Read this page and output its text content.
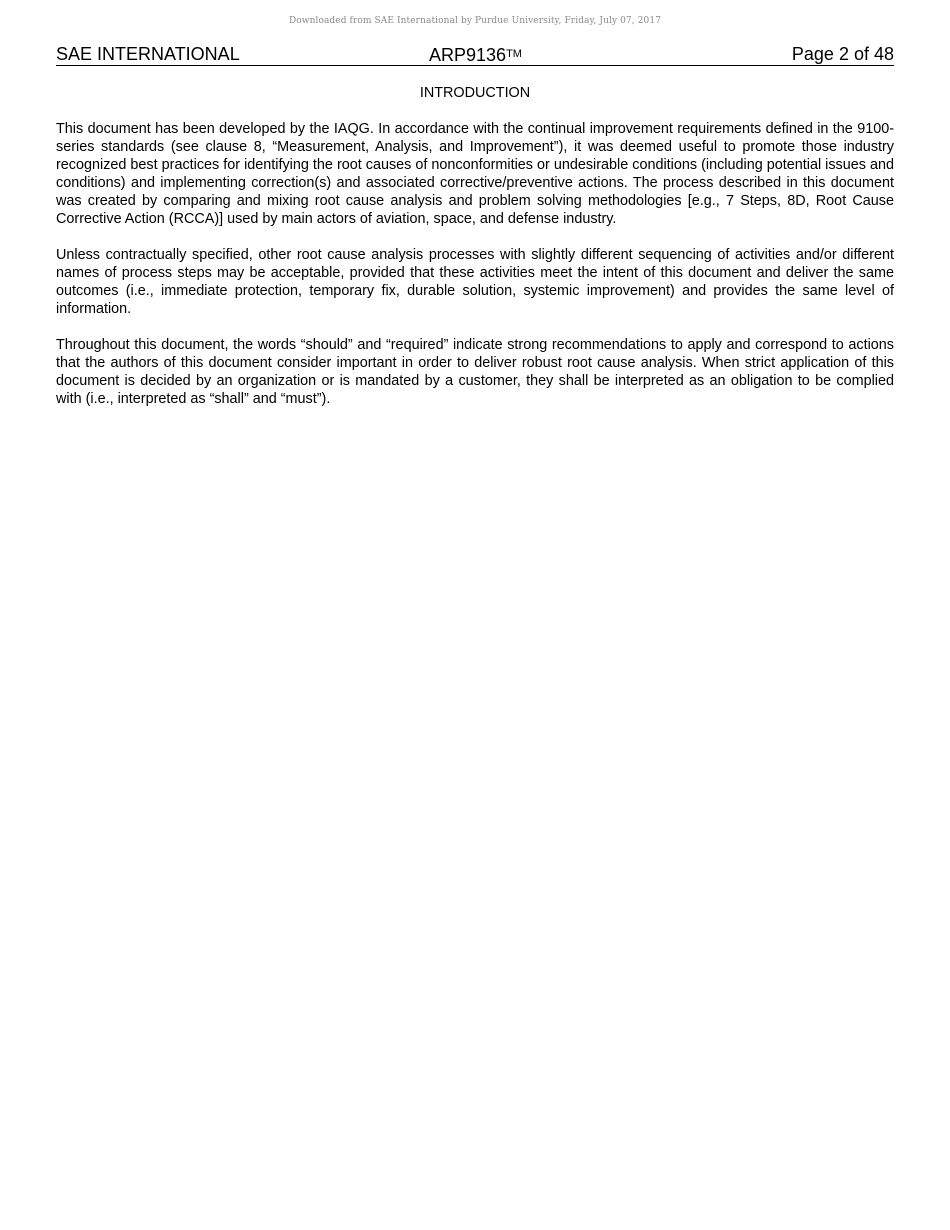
Downloaded from SAE International by Purdue University, Friday, July 07, 2017
SAE INTERNATIONAL	ARP9136™	Page 2 of 48
INTRODUCTION

This document has been developed by the IAQG. In accordance with the continual improvement requirements defined in the 9100-series standards (see clause 8, “Measurement, Analysis, and Improvement”), it was deemed useful to promote those industry recognized best practices for identifying the root causes of nonconformities or undesirable conditions (including potential issues and conditions) and implementing correction(s) and associated corrective/preventive actions. The process described in this document was created by comparing and mixing root cause analysis and problem solving methodologies [e.g., 7 Steps, 8D, Root Cause Corrective Action (RCCA)] used by main actors of aviation, space, and defense industry.

Unless contractually specified, other root cause analysis processes with slightly different sequencing of activities and/or different names of process steps may be acceptable, provided that these activities meet the intent of this document and deliver the same outcomes (i.e., immediate protection, temporary fix, durable solution, systemic improvement) and provides the same level of information.

Throughout this document, the words “should” and “required” indicate strong recommendations to apply and correspond to actions that the authors of this document consider important in order to deliver robust root cause analysis. When strict application of this document is decided by an organization or is mandated by a customer, they shall be interpreted as an obligation to be complied with (i.e., interpreted as “shall” and “must”).
